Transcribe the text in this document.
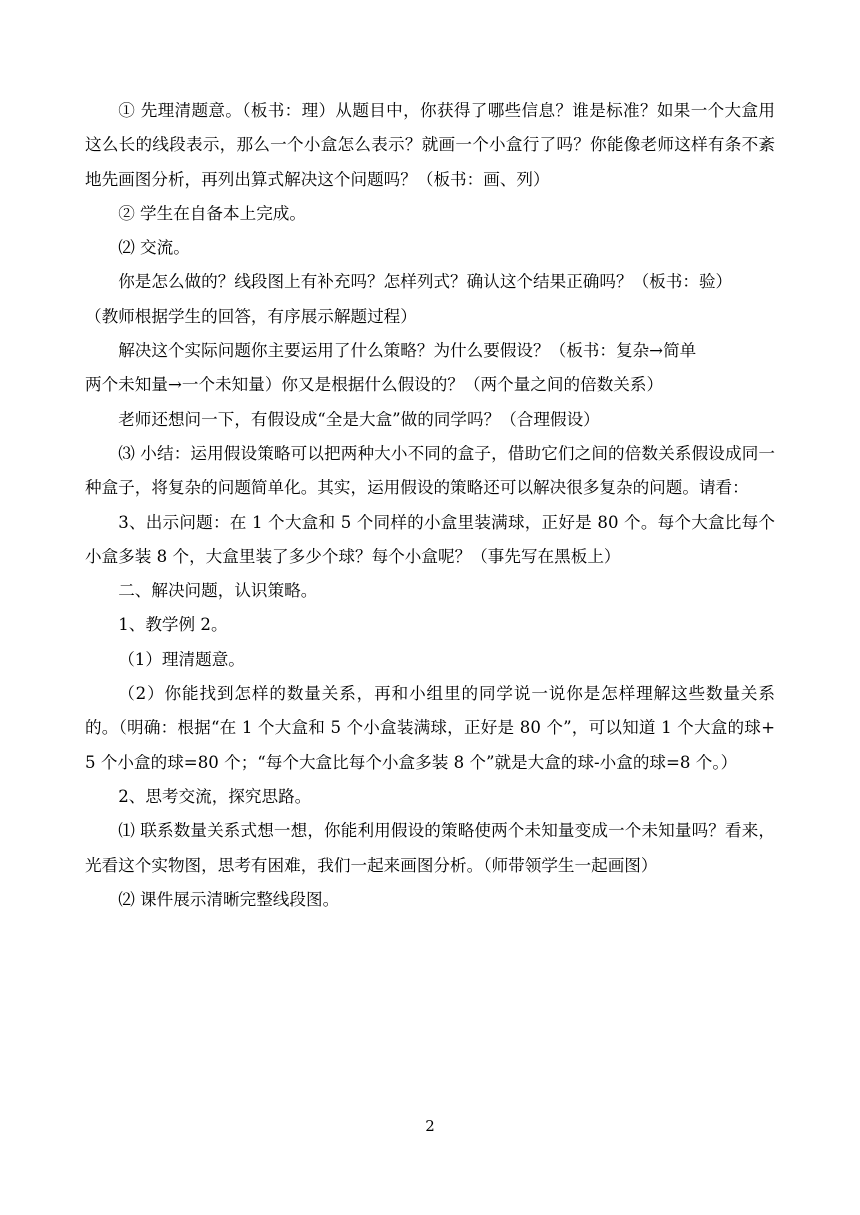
① 先理清题意。（板书：理）从题目中，你获得了哪些信息？谁是标准？如果一个大盒用这么长的线段表示，那么一个小盒怎么表示？就画一个小盒行了吗？你能像老师这样有条不紊地先画图分析，再列出算式解决这个问题吗？（板书：画、列）

② 学生在自备本上完成。

⑵ 交流。

你是怎么做的？线段图上有补充吗？怎样列式？确认这个结果正确吗？（板书：验）

（教师根据学生的回答，有序展示解题过程）

解决这个实际问题你主要运用了什么策略？为什么要假设？（板书：复杂→简单

两个未知量→一个未知量）你又是根据什么假设的？（两个量之间的倍数关系）

老师还想问一下，有假设成“全是大盒”做的同学吗？（合理假设）

⑶ 小结：运用假设策略可以把两种大小不同的盒子，借助它们之间的倍数关系假设成同一种盒子，将复杂的问题简单化。其实，运用假设的策略还可以解决很多复杂的问题。请看：

3、出示问题：在 1 个大盒和 5 个同样的小盒里装满球，正好是 80 个。每个大盒比每个小盒多装 8 个，大盒里装了多少个球？每个小盒呢？（事先写在黑板上）

二、解决问题，认识策略。

1、教学例 2。

（1）理清题意。

（2）你能找到怎样的数量关系，再和小组里的同学说一说你是怎样理解这些数量关系的。（明确：根据“在 1 个大盒和 5 个小盒装满球，正好是 80 个”，可以知道 1 个大盒的球+5 个小盒的球=80 个；“每个大盒比每个小盒多装 8 个”就是大盒的球-小盒的球=8 个。）

2、思考交流，探究思路。

⑴ 联系数量关系式想一想，你能利用假设的策略使两个未知量变成一个未知量吗？看来，光看这个实物图，思考有困难，我们一起来画图分析。（师带领学生一起画图）

⑵ 课件展示清晰完整线段图。

2
